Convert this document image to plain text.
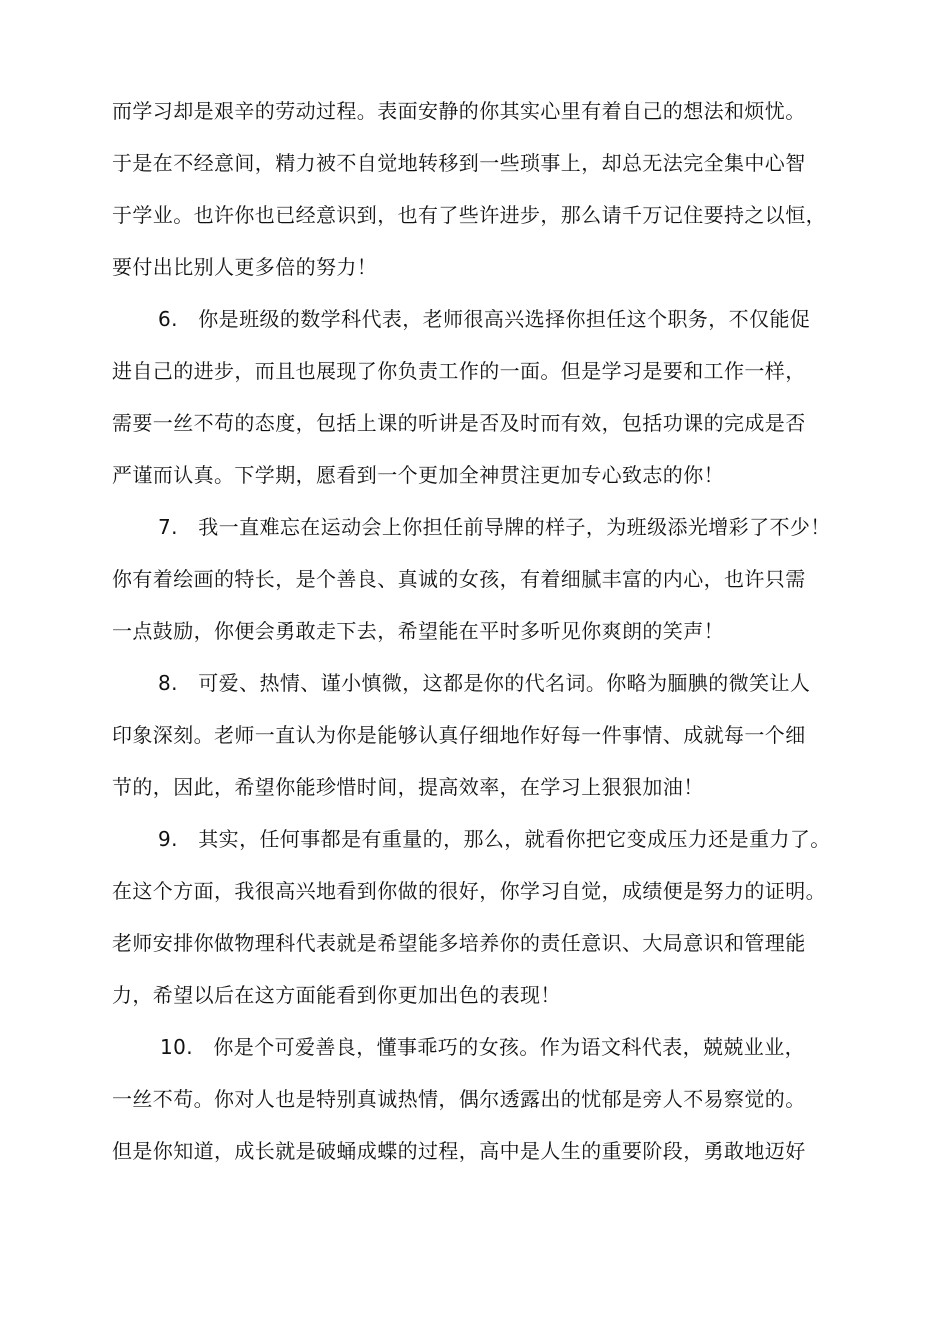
而学习却是艰辛的劳动过程。表面安静的你其实心里有着自己的想法和烦忧。
于是在不经意间，精力被不自觉地转移到一些琐事上，却总无法完全集中心智
于学业。也许你也已经意识到，也有了些许进步，那么请千万记住要持之以恒，
要付出比别人更多倍的努力！
6.　你是班级的数学科代表，老师很高兴选择你担任这个职务，不仅能促
进自己的进步，而且也展现了你负责工作的一面。但是学习是要和工作一样，
需要一丝不苟的态度，包括上课的听讲是否及时而有效，包括功课的完成是否
严谨而认真。下学期，愿看到一个更加全神贯注更加专心致志的你！
7.　我一直难忘在运动会上你担任前导牌的样子，为班级添光增彩了不少！
你有着绘画的特长，是个善良、真诚的女孩，有着细腻丰富的内心，也许只需
一点鼓励，你便会勇敢走下去，希望能在平时多听见你爽朗的笑声！
8.　可爱、热情、谨小慎微，这都是你的代名词。你略为腼腆的微笑让人
印象深刻。老师一直认为你是能够认真仔细地作好每一件事情、成就每一个细
节的，因此，希望你能珍惜时间，提高效率，在学习上狠狠加油！
9.　其实，任何事都是有重量的，那么，就看你把它变成压力还是重力了。
在这个方面，我很高兴地看到你做的很好，你学习自觉，成绩便是努力的证明。
老师安排你做物理科代表就是希望能多培养你的责任意识、大局意识和管理能
力，希望以后在这方面能看到你更加出色的表现！
10.　你是个可爱善良，懂事乖巧的女孩。作为语文科代表，兢兢业业，
一丝不苟。你对人也是特别真诚热情，偶尔透露出的忧郁是旁人不易察觉的。
但是你知道，成长就是破蛹成蝶的过程，高中是人生的重要阶段，勇敢地迈好
